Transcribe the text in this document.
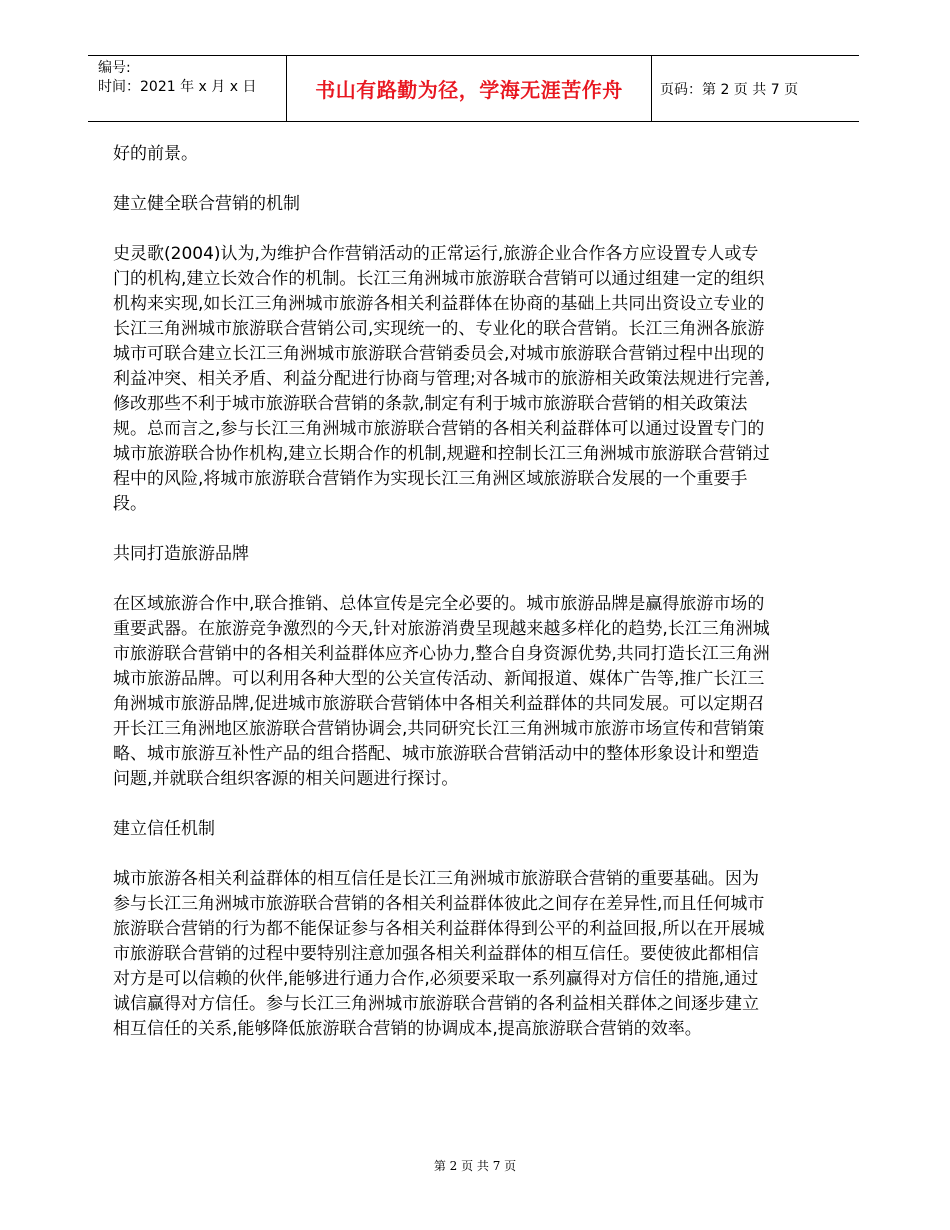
编号:
时间：2021 年 x 月 x 日	书山有路勤为径，学海无涯苦作舟	页码：第 2 页 共 7 页

好的前景。

建立健全联合营销的机制

史灵歌(2004)认为,为维护合作营销活动的正常运行,旅游企业合作各方应设置专人或专门的机构,建立长效合作的机制。长江三角洲城市旅游联合营销可以通过组建一定的组织机构来实现,如长江三角洲城市旅游各相关利益群体在协商的基础上共同出资设立专业的长江三角洲城市旅游联合营销公司,实现统一的、专业化的联合营销。长江三角洲各旅游城市可联合建立长江三角洲城市旅游联合营销委员会,对城市旅游联合营销过程中出现的利益冲突、相关矛盾、利益分配进行协商与管理;对各城市的旅游相关政策法规进行完善,修改那些不利于城市旅游联合营销的条款,制定有利于城市旅游联合营销的相关政策法规。总而言之,参与长江三角洲城市旅游联合营销的各相关利益群体可以通过设置专门的城市旅游联合协作机构,建立长期合作的机制,规避和控制长江三角洲城市旅游联合营销过程中的风险,将城市旅游联合营销作为实现长江三角洲区域旅游联合发展的一个重要手段。

共同打造旅游品牌

在区域旅游合作中,联合推销、总体宣传是完全必要的。城市旅游品牌是赢得旅游市场的重要武器。在旅游竞争激烈的今天,针对旅游消费呈现越来越多样化的趋势,长江三角洲城市旅游联合营销中的各相关利益群体应齐心协力,整合自身资源优势,共同打造长江三角洲城市旅游品牌。可以利用各种大型的公关宣传活动、新闻报道、媒体广告等,推广长江三角洲城市旅游品牌,促进城市旅游联合营销体中各相关利益群体的共同发展。可以定期召开长江三角洲地区旅游联合营销协调会,共同研究长江三角洲城市旅游市场宣传和营销策略、城市旅游互补性产品的组合搭配、城市旅游联合营销活动中的整体形象设计和塑造问题,并就联合组织客源的相关问题进行探讨。

建立信任机制

城市旅游各相关利益群体的相互信任是长江三角洲城市旅游联合营销的重要基础。因为参与长江三角洲城市旅游联合营销的各相关利益群体彼此之间存在差异性,而且任何城市旅游联合营销的行为都不能保证参与各相关利益群体得到公平的利益回报,所以在开展城市旅游联合营销的过程中要特别注意加强各相关利益群体的相互信任。要使彼此都相信对方是可以信赖的伙伴,能够进行通力合作,必须要采取一系列赢得对方信任的措施,通过诚信赢得对方信任。参与长江三角洲城市旅游联合营销的各利益相关群体之间逐步建立相互信任的关系,能够降低旅游联合营销的协调成本,提高旅游联合营销的效率。

第 2 页 共 7 页
